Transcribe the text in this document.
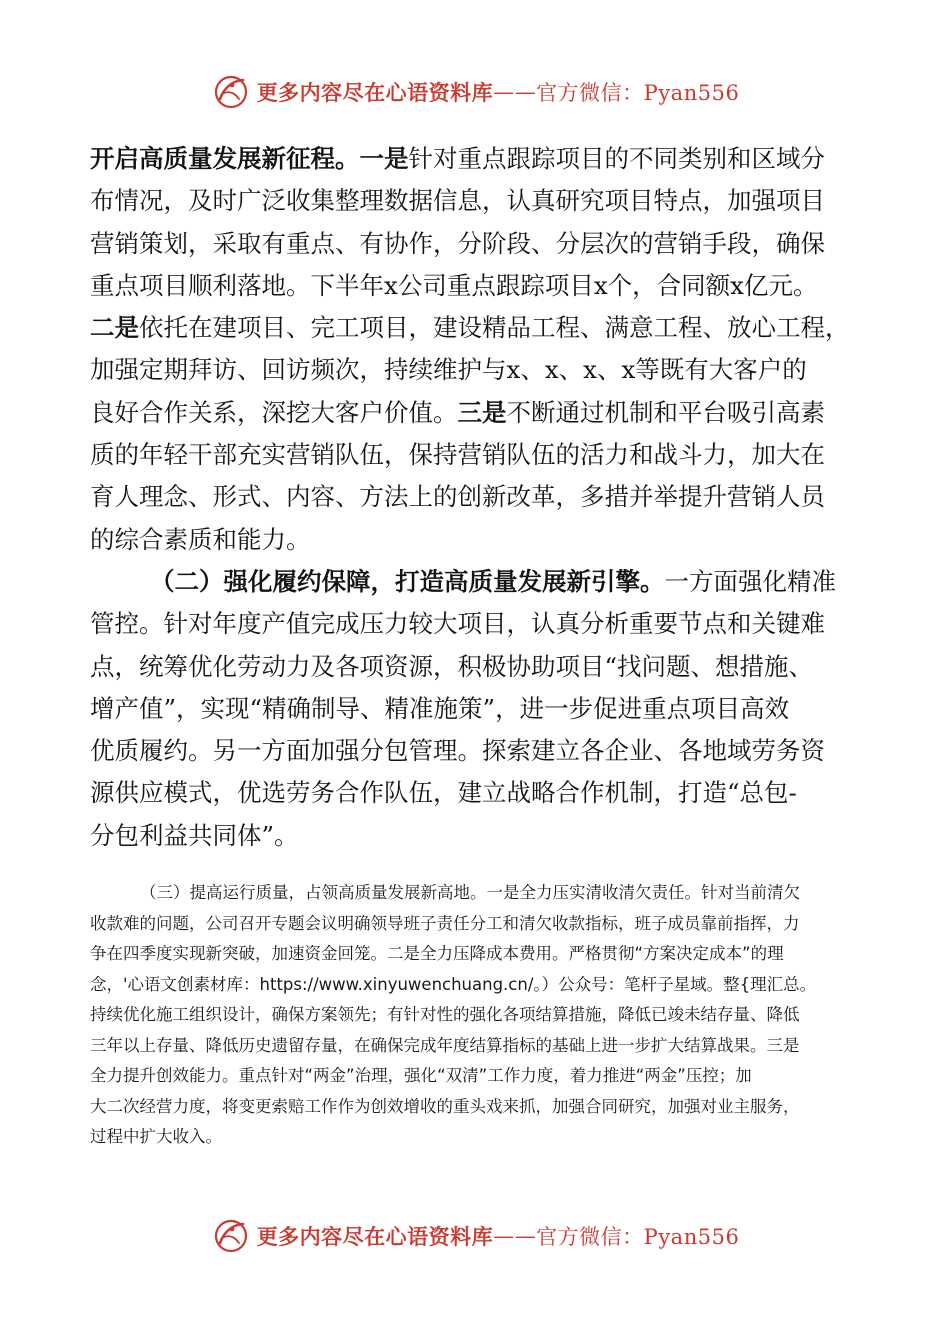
更多内容尽在心语资料库 —— 官方微信：Pyan556
开启高质量发展新征程。一是针对重点跟踪项目的不同类别和区域分
布情况，及时广泛收集整理数据信息，认真研究项目特点，加强项目
营销策划，采取有重点、有协作，分阶段、分层次的营销手段，确保
重点项目顺利落地。下半年x公司重点跟踪项目x个，合同额x亿元。
二是依托在建项目、完工项目，建设精品工程、满意工程、放心工程，
加强定期拜访、回访频次，持续维护与x、x、x、x等既有大客户的
良好合作关系，深挖大客户价值。三是不断通过机制和平台吸引高素
质的年轻干部充实营销队伍，保持营销队伍的活力和战斗力，加大在
育人理念、形式、内容、方法上的创新改革，多措并举提升营销人员
的综合素质和能力。
（二）强化履约保障，打造高质量发展新引擎。一方面强化精准
管控。针对年度产值完成压力较大项目，认真分析重要节点和关键难
点，统筹优化劳动力及各项资源，积极协助项目“找问题、想措施、
增产值”，实现“精确制导、精准施策”，进一步促进重点项目高效
优质履约。另一方面加强分包管理。探索建立各企业、各地域劳务资
源供应模式，优选劳务合作队伍，建立战略合作机制，打造“总包-
分包利益共同体”。
（三）提高运行质量，占领高质量发展新高地。一是全力压实清收清欠责任。针对当前清欠
收款难的问题，公司召开专题会议明确领导班子责任分工和清欠收款指标，班子成员靠前指挥，力
争在四季度实现新突破，加速资金回笼。二是全力压降成本费用。严格贯彻“方案决定成本”的理
念，'心语文创素材库：https://www.xinyuwenchuang.cn/。）公众号：笔杆子星域。整{理汇总。
持续优化施工组织设计，确保方案领先；有针对性的强化各项结算措施，降低已竣未结存量、降低
三年以上存量、降低历史遗留存量，在确保完成年度结算指标的基础上进一步扩大结算战果。三是
全力提升创效能力。重点针对“两金”治理，强化“双清”工作力度，着力推进“两金”压控；加
大二次经营力度，将变更索赔工作作为创效增收的重头戏来抓，加强合同研究，加强对业主服务，
过程中扩大收入。
更多内容尽在心语资料库 —— 官方微信：Pyan556
